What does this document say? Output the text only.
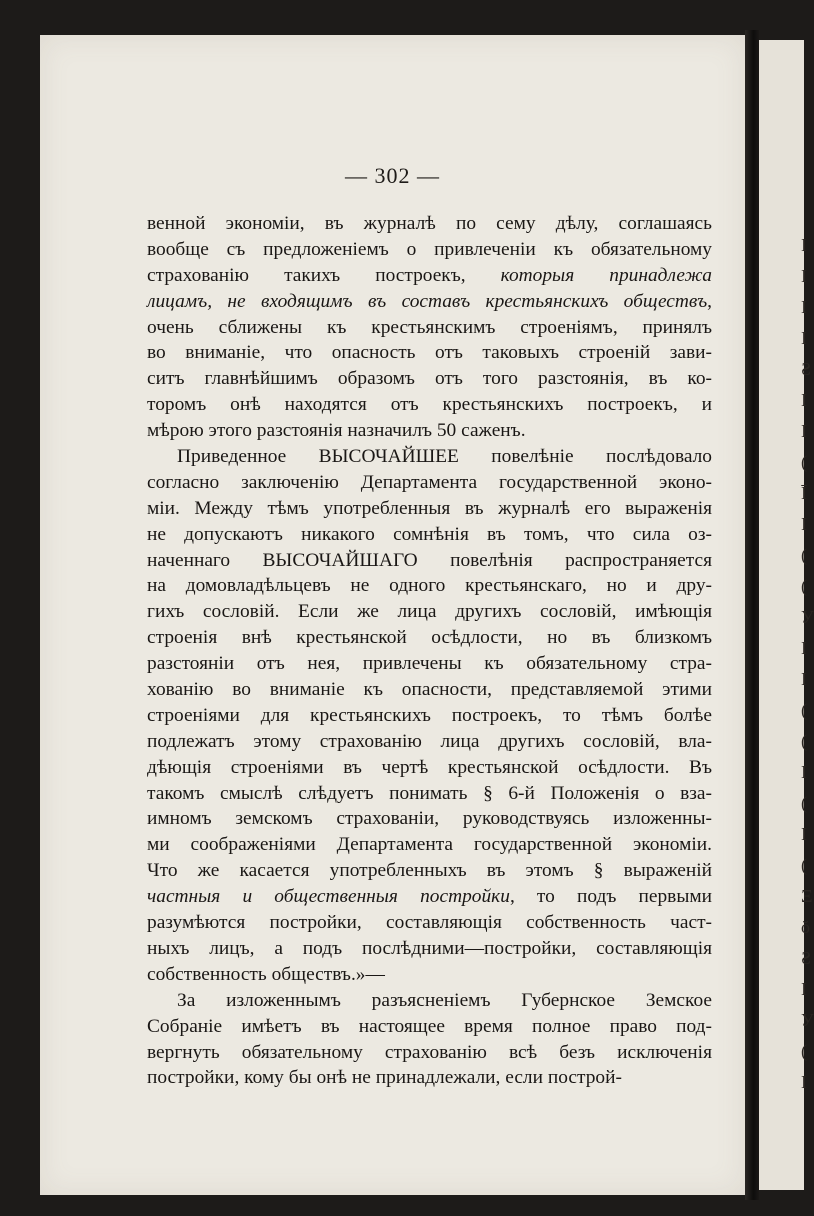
— 302 —
венной экономіи, въ журналѣ по сему дѣлу, соглашаясь
вообще съ предложеніемъ о привлеченіи къ обязательному
страхованію такихъ построекъ, которыя принадлежа
лицамъ, не входящимъ въ составъ крестьянскихъ обществъ,
очень сближены къ крестьянскимъ строеніямъ, принялъ
во вниманіе, что опасность отъ таковыхъ строеній зави-
ситъ главнѣйшимъ образомъ отъ того разстоянія, въ ко-
торомъ онѣ находятся отъ крестьянскихъ построекъ, и
мѣрою этого разстоянія назначилъ 50 саженъ.
Приведенное ВЫСОЧАЙШЕЕ повелѣніе послѣдовало
согласно заключенію Департамента государственной эконо-
міи. Между тѣмъ употребленныя въ журналѣ его выраженія
не допускаютъ никакого сомнѣнія въ томъ, что сила оз-
наченнаго ВЫСОЧАЙШАГО повелѣнія распространяется
на домовладѣльцевъ не одного крестьянскаго, но и дру-
гихъ сословій. Если же лица другихъ сословій, имѣющія
строенія внѣ крестьянской осѣдлости, но въ близкомъ
разстояніи отъ нея, привлечены къ обязательному стра-
хованію во вниманіе къ опасности, представляемой этими
строеніями для крестьянскихъ построекъ, то тѣмъ болѣе
подлежатъ этому страхованію лица другихъ сословій, вла-
дѣющія строеніями въ чертѣ крестьянской осѣдлости. Въ
такомъ смыслѣ слѣдуетъ понимать § 6-й Положенія о вза-
имномъ земскомъ страхованіи, руководствуясь изложенны-
ми соображеніями Департамента государственной экономіи.
Что же касается употребленныхъ въ этомъ § выраженій
частныя и общественныя постройки, то подъ первыми
разумѣются постройки, составляющія собственность част-
ныхъ лицъ, а подъ послѣдними—постройки, составляющія
собственность обществъ.»—
За изложеннымъ разъясненіемъ Губернское Земское
Собраніе имѣетъ въ настоящее время полное право под-
вергнуть обязательному страхованію всѣ безъ исключенія
постройки, кому бы онѣ не принадлежали, если построй-
I
I
I
I
Ƨ
I
I
(
Ī
I
(
(
У
I
I
(
(
I
(
I
(
Ξ
ŏ
Ƨ
I
У
(
I
